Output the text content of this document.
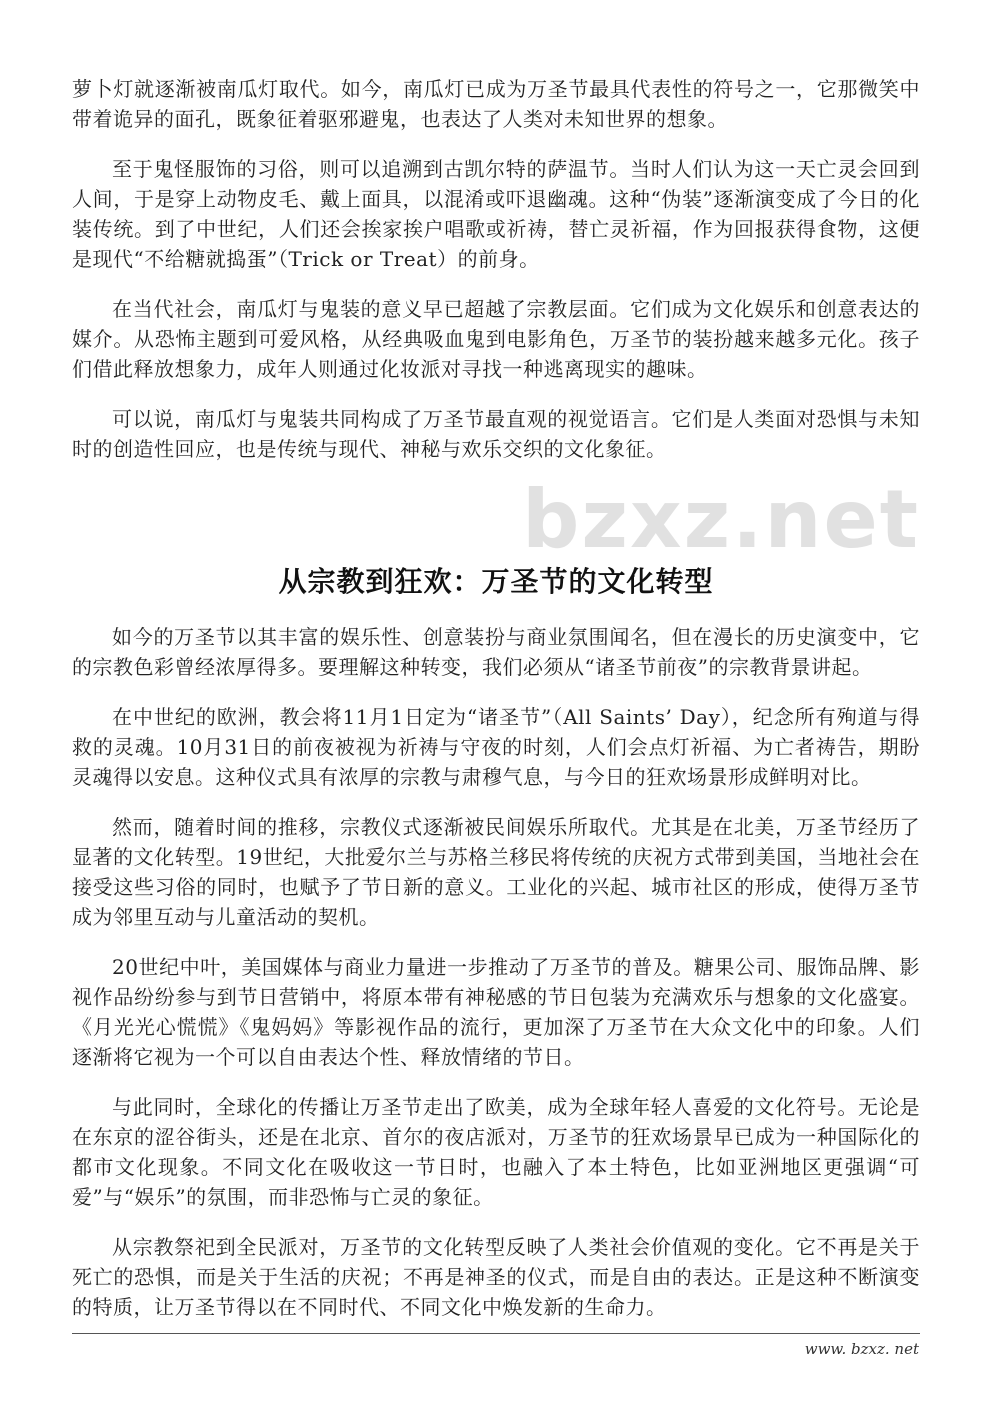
萝卜灯就逐渐被南瓜灯取代。如今，南瓜灯已成为万圣节最具代表性的符号之一，它那微笑中带着诡异的面孔，既象征着驱邪避鬼，也表达了人类对未知世界的想象。

至于鬼怪服饰的习俗，则可以追溯到古凯尔特的萨温节。当时人们认为这一天亡灵会回到人间，于是穿上动物皮毛、戴上面具，以混淆或吓退幽魂。这种“伪装”逐渐演变成了今日的化装传统。到了中世纪，人们还会挨家挨户唱歌或祈祷，替亡灵祈福，作为回报获得食物，这便是现代“不给糖就捣蛋”（Trick or Treat）的前身。

在当代社会，南瓜灯与鬼装的意义早已超越了宗教层面。它们成为文化娱乐和创意表达的媒介。从恐怖主题到可爱风格，从经典吸血鬼到电影角色，万圣节的装扮越来越多元化。孩子们借此释放想象力，成年人则通过化妆派对寻找一种逃离现实的趣味。

可以说，南瓜灯与鬼装共同构成了万圣节最直观的视觉语言。它们是人类面对恐惧与未知时的创造性回应，也是传统与现代、神秘与欢乐交织的文化象征。

bzxz.net
从宗教到狂欢：万圣节的文化转型

如今的万圣节以其丰富的娱乐性、创意装扮与商业氛围闻名，但在漫长的历史演变中，它的宗教色彩曾经浓厚得多。要理解这种转变，我们必须从“诸圣节前夜”的宗教背景讲起。

在中世纪的欧洲，教会将11月1日定为“诸圣节”（All Saints’ Day），纪念所有殉道与得救的灵魂。10月31日的前夜被视为祈祷与守夜的时刻，人们会点灯祈福、为亡者祷告，期盼灵魂得以安息。这种仪式具有浓厚的宗教与肃穆气息，与今日的狂欢场景形成鲜明对比。

然而，随着时间的推移，宗教仪式逐渐被民间娱乐所取代。尤其是在北美，万圣节经历了显著的文化转型。19世纪，大批爱尔兰与苏格兰移民将传统的庆祝方式带到美国，当地社会在接受这些习俗的同时，也赋予了节日新的意义。工业化的兴起、城市社区的形成，使得万圣节成为邻里互动与儿童活动的契机。

20世纪中叶，美国媒体与商业力量进一步推动了万圣节的普及。糖果公司、服饰品牌、影视作品纷纷参与到节日营销中，将原本带有神秘感的节日包装为充满欢乐与想象的文化盛宴。《月光光心慌慌》《鬼妈妈》等影视作品的流行，更加深了万圣节在大众文化中的印象。人们逐渐将它视为一个可以自由表达个性、释放情绪的节日。

与此同时，全球化的传播让万圣节走出了欧美，成为全球年轻人喜爱的文化符号。无论是在东京的涩谷街头，还是在北京、首尔的夜店派对，万圣节的狂欢场景早已成为一种国际化的都市文化现象。不同文化在吸收这一节日时，也融入了本土特色，比如亚洲地区更强调“可爱”与“娱乐”的氛围，而非恐怖与亡灵的象征。

从宗教祭祀到全民派对，万圣节的文化转型反映了人类社会价值观的变化。它不再是关于死亡的恐惧，而是关于生活的庆祝；不再是神圣的仪式，而是自由的表达。正是这种不断演变的特质，让万圣节得以在不同时代、不同文化中焕发新的生命力。

www. bzxz. net
